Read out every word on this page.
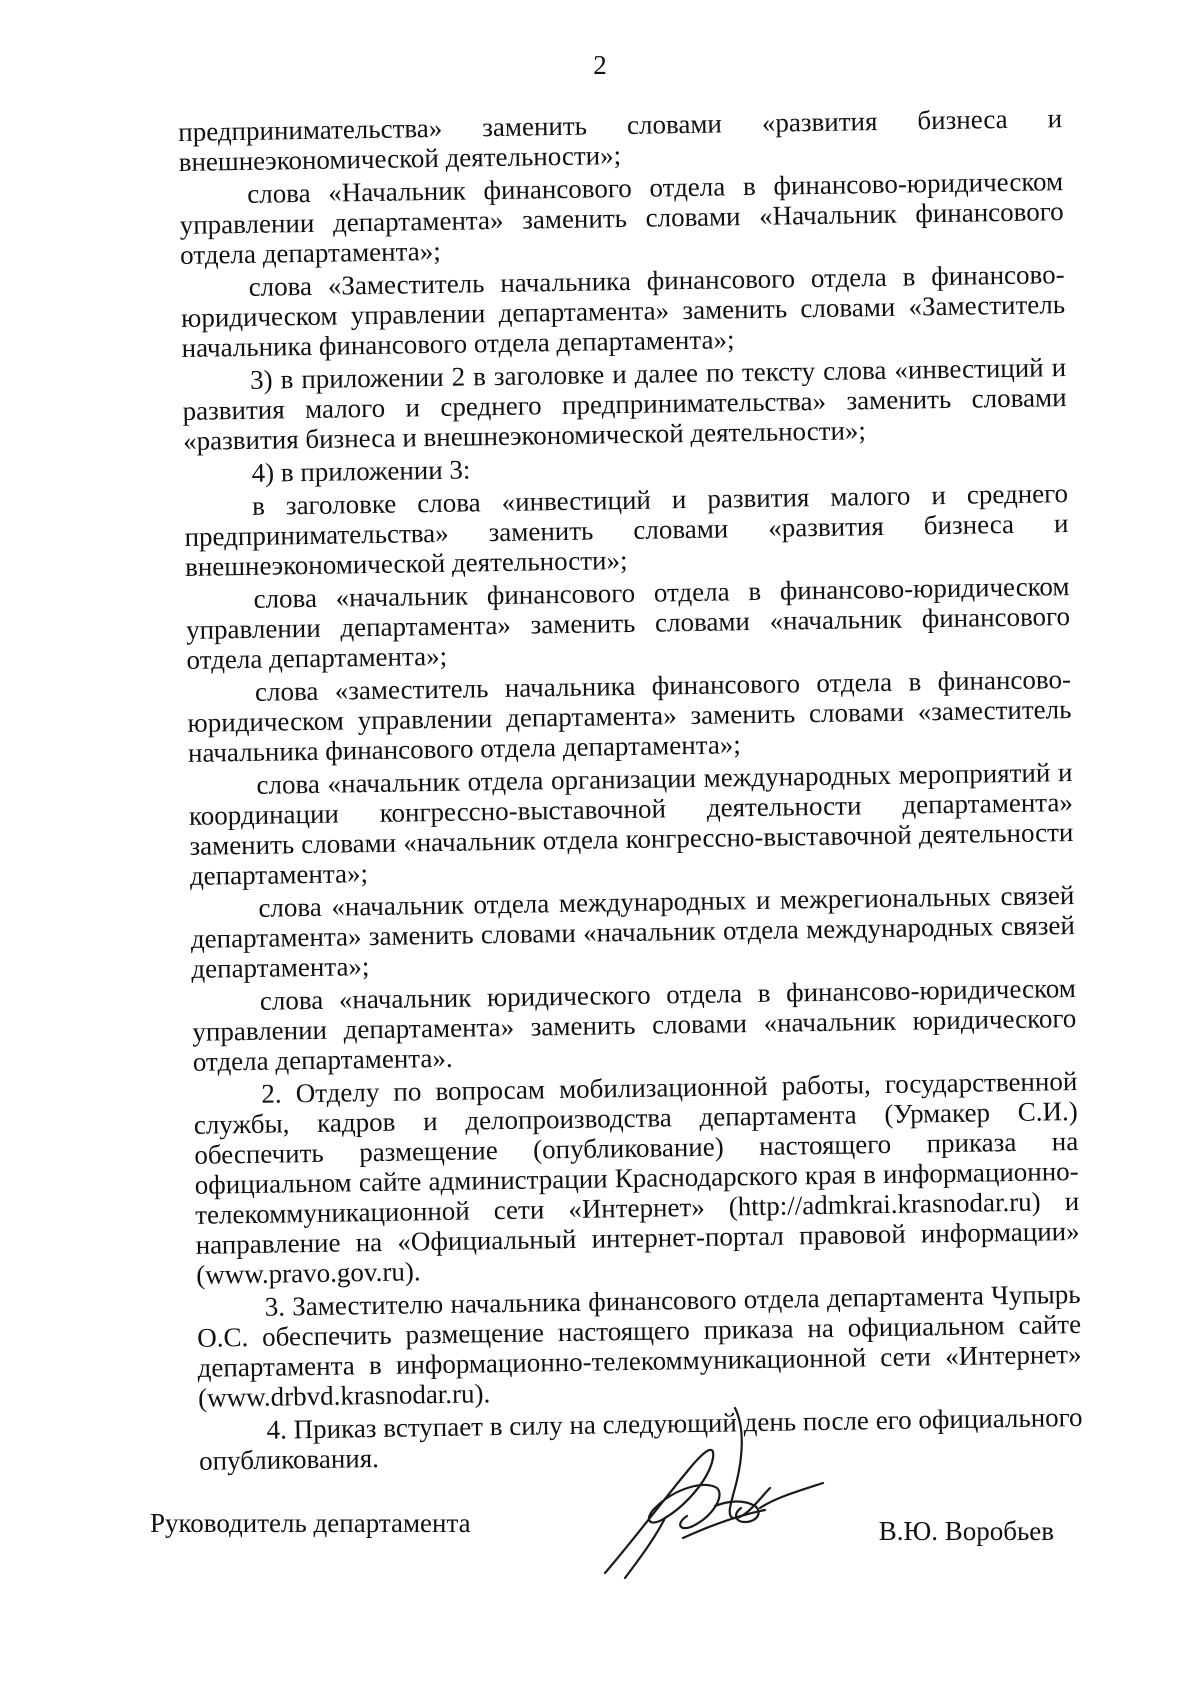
2

предпринимательства» заменить словами «развития бизнеса и внешнеэкономической деятельности»;

слова «Начальник финансового отдела в финансово-юридическом управлении департамента» заменить словами «Начальник финансового отдела департамента»;

слова «Заместитель начальника финансового отдела в финансово-юридическом управлении департамента» заменить словами «Заместитель начальника финансового отдела департамента»;

3) в приложении 2 в заголовке и далее по тексту слова «инвестиций и развития малого и среднего предпринимательства» заменить словами «развития бизнеса и внешнеэкономической деятельности»;

4) в приложении 3:

в заголовке слова «инвестиций и развития малого и среднего предпринимательства» заменить словами «развития бизнеса и внешнеэкономической деятельности»;

слова «начальник финансового отдела в финансово-юридическом управлении департамента» заменить словами «начальник финансового отдела департамента»;

слова «заместитель начальника финансового отдела в финансово-юридическом управлении департамента» заменить словами «заместитель начальника финансового отдела департамента»;

слова «начальник отдела организации международных мероприятий и координации конгрессно-выставочной деятельности департамента» заменить словами «начальник отдела конгрессно-выставочной деятельности департамента»;

слова «начальник отдела международных и межрегиональных связей департамента» заменить словами «начальник отдела международных связей департамента»;

слова «начальник юридического отдела в финансово-юридическом управлении департамента» заменить словами «начальник юридического отдела департамента».

2. Отделу по вопросам мобилизационной работы, государственной службы, кадров и делопроизводства департамента (Урмакер С.И.) обеспечить размещение (опубликование) настоящего приказа на официальном сайте администрации Краснодарского края в информационно-телекоммуникационной сети «Интернет» (http://admkrai.krasnodar.ru) и направление на «Официальный интернет-портал правовой информации» (www.pravo.gov.ru).

3. Заместителю начальника финансового отдела департамента Чупырь О.С. обеспечить размещение настоящего приказа на официальном сайте департамента в информационно-телекоммуникационной сети «Интернет» (www.drbvd.krasnodar.ru).

4. Приказ вступает в силу на следующий день после его официального опубликования.

Руководитель департамента	В.Ю. Воробьев
